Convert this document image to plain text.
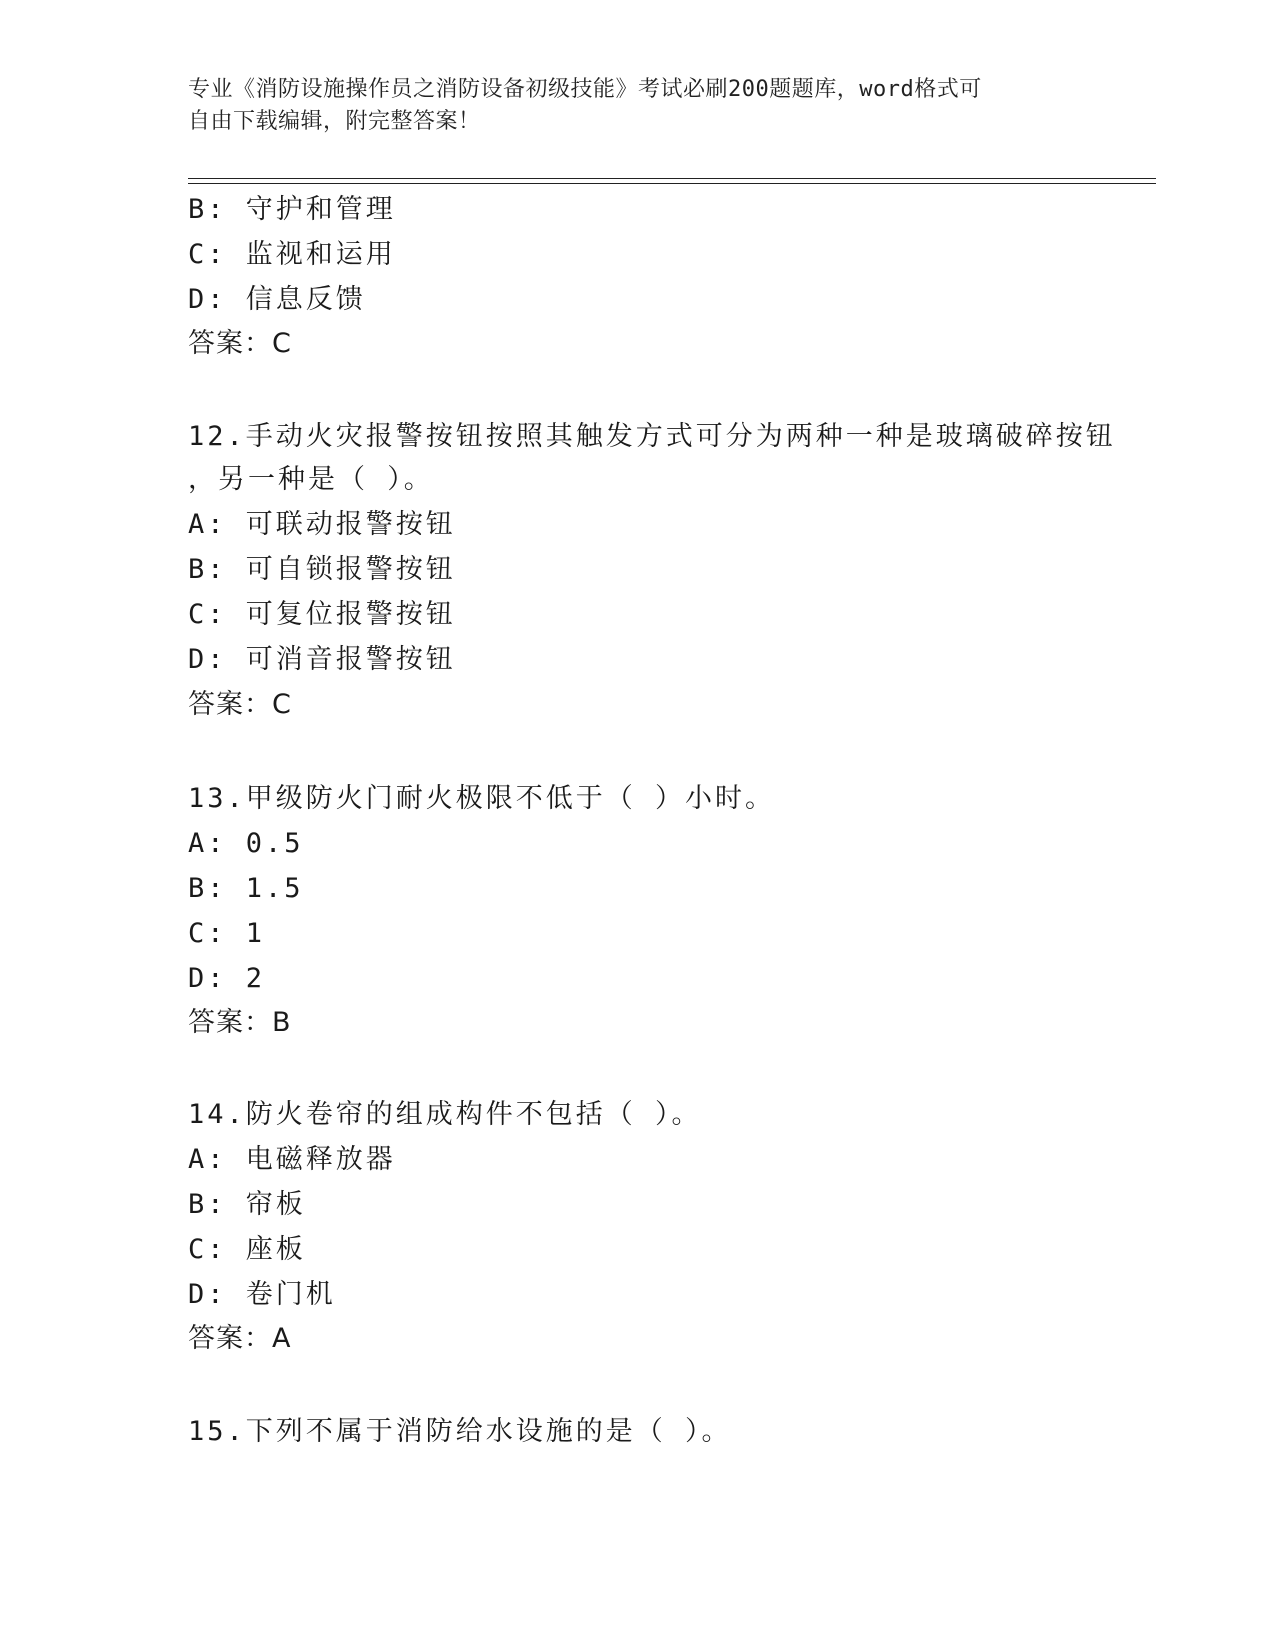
专业《消防设施操作员之消防设备初级技能》考试必刷200题题库，word格式可
自由下载编辑，附完整答案！
B: 守护和管理
C: 监视和运用
D: 信息反馈
答案：C
12.手动火灾报警按钮按照其触发方式可分为两种一种是玻璃破碎按钮
，另一种是（ ）。
A: 可联动报警按钮
B: 可自锁报警按钮
C: 可复位报警按钮
D: 可消音报警按钮
答案：C
13.甲级防火门耐火极限不低于（ ）小时。
A: 0.5
B: 1.5
C: 1
D: 2
答案：B
14.防火卷帘的组成构件不包括（ ）。
A: 电磁释放器
B: 帘板
C: 座板
D: 卷门机
答案：A
15.下列不属于消防给水设施的是（ ）。
